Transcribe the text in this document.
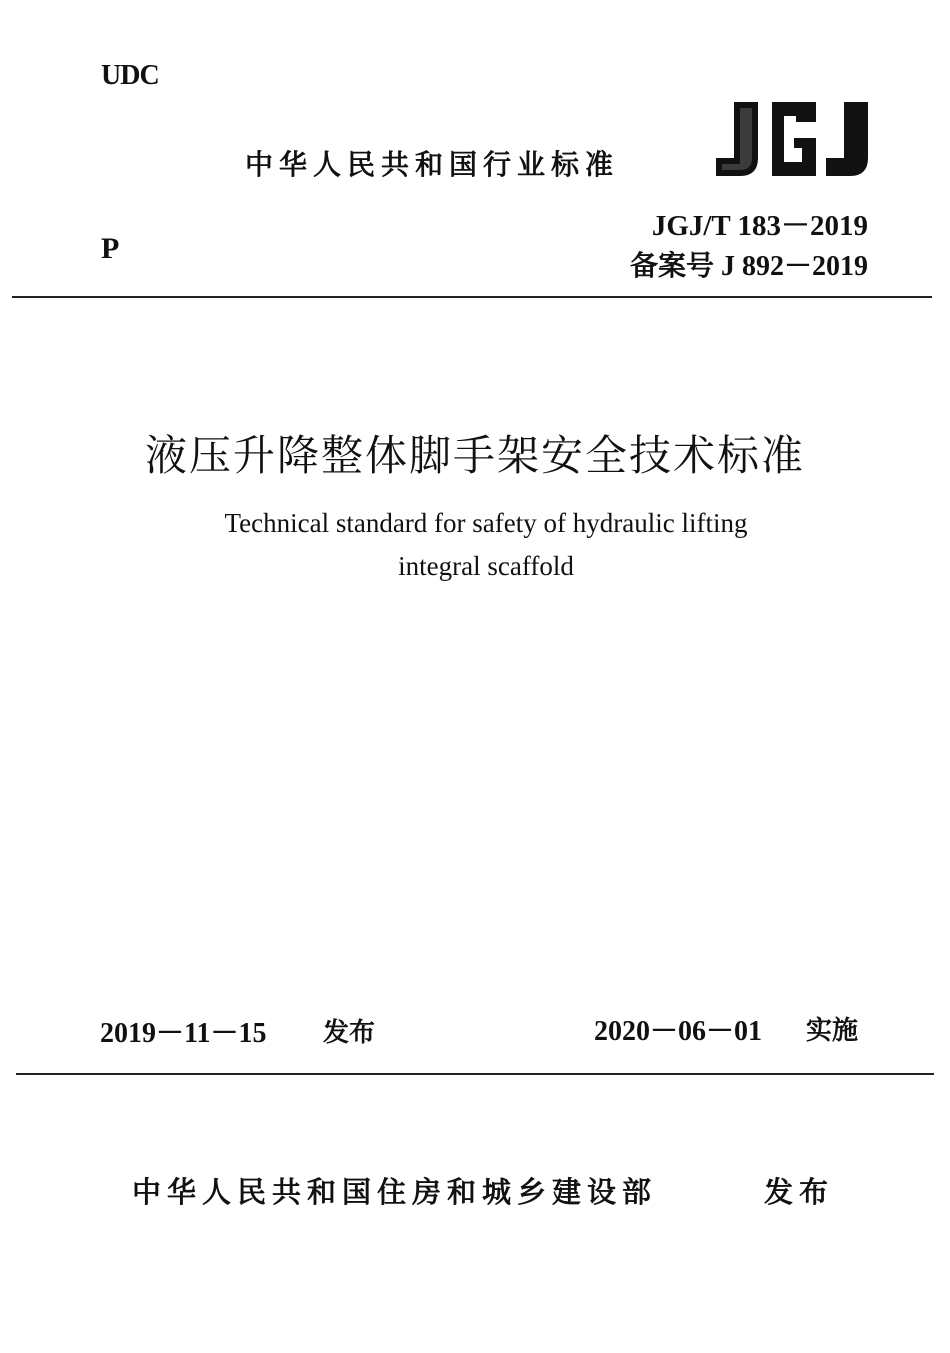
UDC
中华人民共和国行业标准
JGJ/T 183－2019
备案号 J 892－2019
P
液压升降整体脚手架安全技术标准
Technical standard for safety of hydraulic lifting
integral scaffold
2019－11－15 发布	2020－06－01 实施
中华人民共和国住房和城乡建设部	发布
